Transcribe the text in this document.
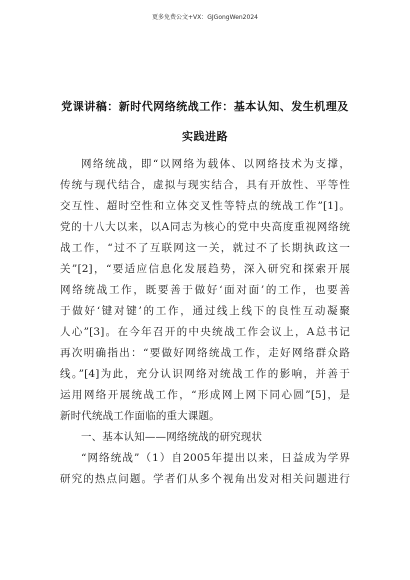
更多免费公文+VX：GJGongWen2024
党课讲稿：新时代网络统战工作：基本认知、发生机理及
实践进路
网络统战，即“以网络为载体、以网络技术为支撑，
传统与现代结合，虚拟与现实结合，具有开放性、平等性
交互性、超时空性和立体交叉性等特点的统战工作”[1]。
党的十八大以来，以A同志为核心的党中央高度重视网络统
战工作，“过不了互联网这一关，就过不了长期执政这一
关”[2]，“要适应信息化发展趋势，深入研究和探索开展
网络统战工作，既要善于做好‘面对面’的工作，也要善
于做好‘键对键’的工作，通过线上线下的良性互动凝聚
人心”[3]。在今年召开的中央统战工作会议上，A总书记
再次明确指出：“要做好网络统战工作，走好网络群众路
线。”[4]为此，充分认识网络对统战工作的影响，并善于
运用网络开展统战工作，“形成网上网下同心圆”[5]，是
新时代统战工作面临的重大课题。
一、基本认知——网络统战的研究现状
“网络统战”（1）自2005年提出以来，日益成为学界
研究的热点问题。学者们从多个视角出发对相关问题进行
